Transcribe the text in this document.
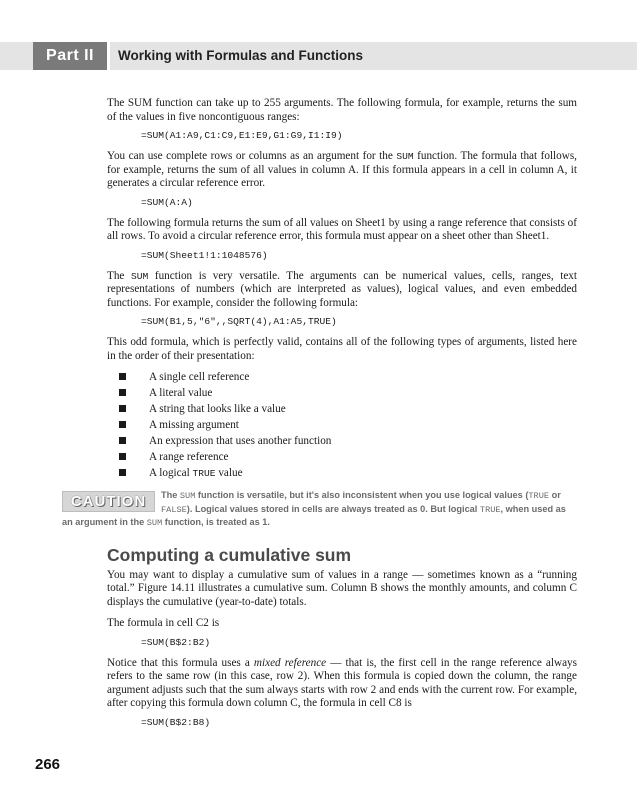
Part II	Working with Formulas and Functions

The SUM function can take up to 255 arguments. The following formula, for example, returns the sum of the values in five noncontiguous ranges:

=SUM(A1:A9,C1:C9,E1:E9,G1:G9,I1:I9)

You can use complete rows or columns as an argument for the SUM function. The formula that follows, for example, returns the sum of all values in column A. If this formula appears in a cell in column A, it generates a circular reference error.

=SUM(A:A)

The following formula returns the sum of all values on Sheet1 by using a range reference that consists of all rows. To avoid a circular reference error, this formula must appear on a sheet other than Sheet1.

=SUM(Sheet1!1:1048576)

The SUM function is very versatile. The arguments can be numerical values, cells, ranges, text representations of numbers (which are interpreted as values), logical values, and even embedded functions. For example, consider the following formula:

=SUM(B1,5,"6",,SQRT(4),A1:A5,TRUE)

This odd formula, which is perfectly valid, contains all of the following types of arguments, listed here in the order of their presentation:

A single cell reference
A literal value
A string that looks like a value
A missing argument
An expression that uses another function
A range reference
A logical TRUE value
CAUTION	The SUM function is versatile, but it's also inconsistent when you use logical values (TRUE or FALSE). Logical values stored in cells are always treated as 0. But logical TRUE, when used as an argument in the SUM function, is treated as 1.
Computing a cumulative sum

You may want to display a cumulative sum of values in a range — sometimes known as a “running total.” Figure 14.11 illustrates a cumulative sum. Column B shows the monthly amounts, and column C displays the cumulative (year-to-date) totals.

The formula in cell C2 is

=SUM(B$2:B2)

Notice that this formula uses a mixed reference — that is, the first cell in the range reference always refers to the same row (in this case, row 2). When this formula is copied down the column, the range argument adjusts such that the sum always starts with row 2 and ends with the current row. For example, after copying this formula down column C, the formula in cell C8 is

=SUM(B$2:B8)
266
